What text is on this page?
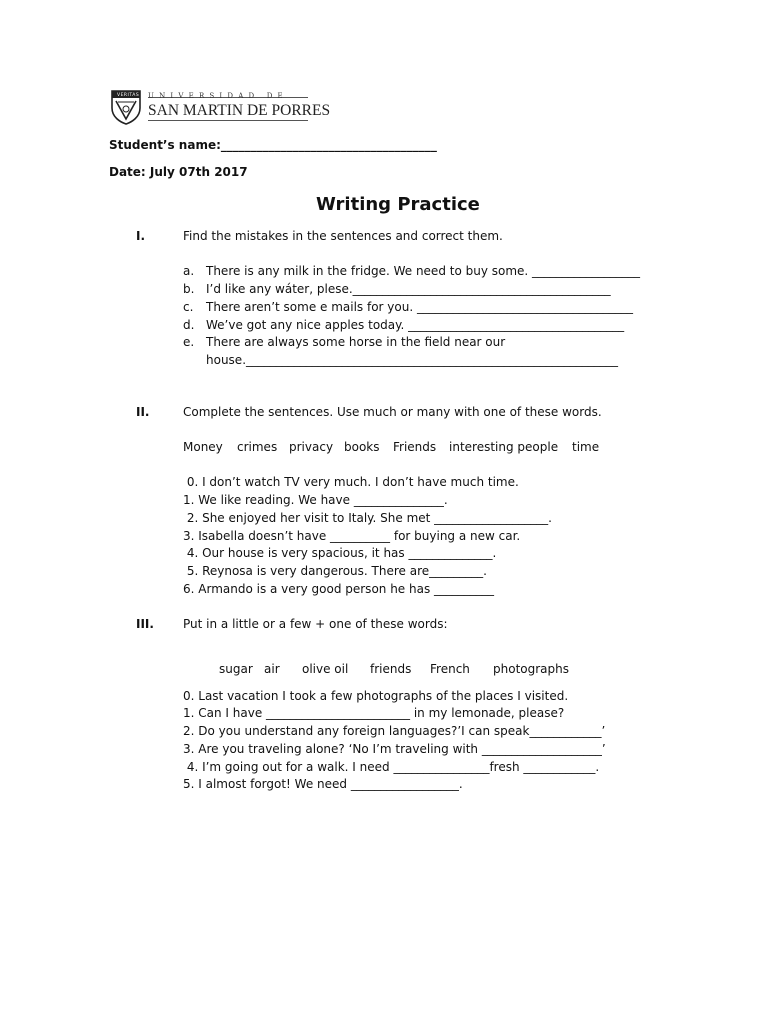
VERITAS UNIVERSIDAD DE
SAN MARTIN DE PORRES
Student’s name:____________________________________
Date: July 07th 2017
Writing Practice
I.	Find the mistakes in the sentences and correct them.
a. There is any milk in the fridge. We need to buy some. __________________
b. I’d like any wáter, plese.___________________________________________
c. There aren’t some e mails for you. ____________________________________
d. We’ve got any nice apples today. ____________________________________
e. There are always some horse in the field near our
house.______________________________________________________________
II.	Complete the sentences. Use much or many with one of these words.
Money crimes privacy books Friends interesting people time
0. I don’t watch TV very much. I don’t have much time.
1. We like reading. We have _______________.
2. She enjoyed her visit to Italy. She met ___________________.
3. Isabella doesn’t have __________ for buying a new car.
4. Our house is very spacious, it has ______________.
5. Reynosa is very dangerous. There are_________.
6. Armando is a very good person he has __________
III. Put in a little or a few + one of these words:
sugar air olive oil friends French photographs
0. Last vacation I took a few photographs of the places I visited.
1. Can I have ________________________ in my lemonade, please?
2. Do you understand any foreign languages?’I can speak____________’
3. Are you traveling alone? ‘No I’m traveling with ____________________’
4. I’m going out for a walk. I need ________________fresh ____________.
5. I almost forgot! We need __________________.
